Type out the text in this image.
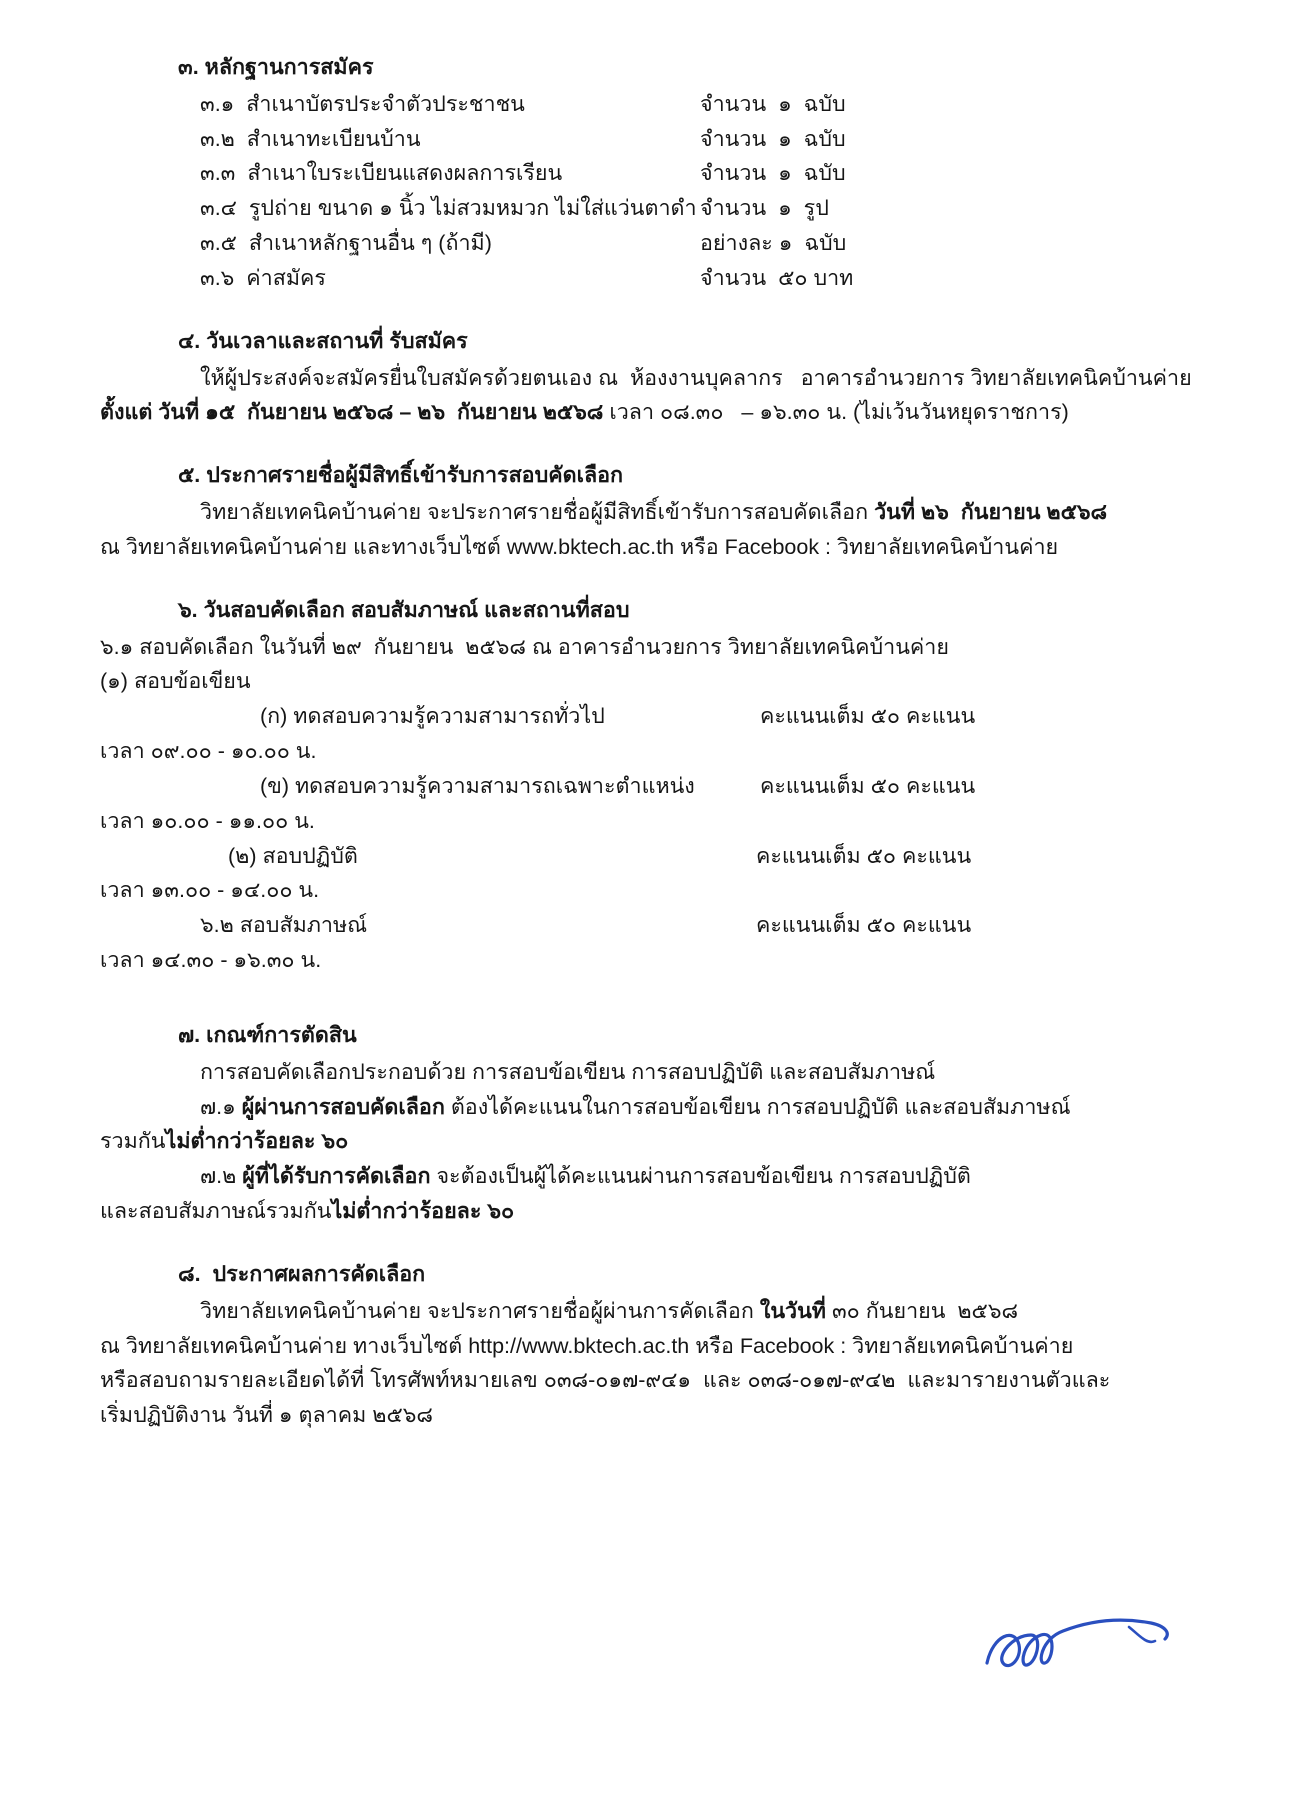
๓. หลักฐานการสมัคร
๓.๑  สำเนาบัตรประจำตัวประชาชน	จำนวน  ๑  ฉบับ
๓.๒  สำเนาทะเบียนบ้าน	จำนวน  ๑  ฉบับ
๓.๓  สำเนาใบระเบียนแสดงผลการเรียน	จำนวน  ๑  ฉบับ
๓.๔  รูปถ่าย ขนาด ๑ นิ้ว ไม่สวมหมวก ไม่ใส่แว่นตาดำ จำนวน  ๑  รูป
๓.๕  สำเนาหลักฐานอื่น ๆ (ถ้ามี)	อย่างละ ๑  ฉบับ
๓.๖  ค่าสมัคร	จำนวน  ๕๐ บาท
๔. วันเวลาและสถานที่ รับสมัคร

ให้ผู้ประสงค์จะสมัครยื่นใบสมัครด้วยตนเอง ณ  ห้องงานบุคลากร   อาคารอำนวยการ วิทยาลัยเทคนิคบ้านค่าย

ตั้งแต่ วันที่ ๑๕  กันยายน ๒๕๖๘ – ๒๖  กันยายน ๒๕๖๘ เวลา ๐๘.๓๐   – ๑๖.๓๐ น. (ไม่เว้นวันหยุดราชการ)

๕. ประกาศรายชื่อผู้มีสิทธิ์เข้ารับการสอบคัดเลือก

วิทยาลัยเทคนิคบ้านค่าย จะประกาศรายชื่อผู้มีสิทธิ์เข้ารับการสอบคัดเลือก วันที่ ๒๖  กันยายน ๒๕๖๘

ณ วิทยาลัยเทคนิคบ้านค่าย และทางเว็บไซต์ www.bktech.ac.th หรือ Facebook : วิทยาลัยเทคนิคบ้านค่าย

๖. วันสอบคัดเลือก สอบสัมภาษณ์ และสถานที่สอบ

๖.๑ สอบคัดเลือก ในวันที่ ๒๙  กันยายน  ๒๕๖๘ ณ อาคารอำนวยการ วิทยาลัยเทคนิคบ้านค่าย

(๑) สอบข้อเขียน

(ก) ทดสอบความรู้ความสามารถทั่วไป	คะแนนเต็ม ๕๐ คะแนน

เวลา ๐๙.๐๐ - ๑๐.๐๐ น.

(ข) ทดสอบความรู้ความสามารถเฉพาะตำแหน่ง	คะแนนเต็ม ๕๐ คะแนน

เวลา ๑๐.๐๐ - ๑๑.๐๐ น.

(๒) สอบปฏิบัติ	คะแนนเต็ม ๕๐ คะแนน

เวลา ๑๓.๐๐ - ๑๔.๐๐ น.

๖.๒ สอบสัมภาษณ์	คะแนนเต็ม ๕๐ คะแนน

เวลา ๑๔.๓๐ - ๑๖.๓๐ น.

๗. เกณฑ์การตัดสิน

การสอบคัดเลือกประกอบด้วย การสอบข้อเขียน การสอบปฏิบัติ และสอบสัมภาษณ์

๗.๑ ผู้ผ่านการสอบคัดเลือก ต้องได้คะแนนในการสอบข้อเขียน การสอบปฏิบัติ และสอบสัมภาษณ์

รวมกันไม่ต่ำกว่าร้อยละ ๖๐

๗.๒ ผู้ที่ได้รับการคัดเลือก จะต้องเป็นผู้ได้คะแนนผ่านการสอบข้อเขียน การสอบปฏิบัติ

และสอบสัมภาษณ์รวมกันไม่ต่ำกว่าร้อยละ ๖๐

๘.  ประกาศผลการคัดเลือก

วิทยาลัยเทคนิคบ้านค่าย จะประกาศรายชื่อผู้ผ่านการคัดเลือก ในวันที่ ๓๐ กันยายน  ๒๕๖๘

ณ วิทยาลัยเทคนิคบ้านค่าย ทางเว็บไซต์ http://www.bktech.ac.th หรือ Facebook : วิทยาลัยเทคนิคบ้านค่าย

หรือสอบถามรายละเอียดได้ที่ โทรศัพท์หมายเลข ๐๓๘-๐๑๗-๙๔๑  และ ๐๓๘-๐๑๗-๙๔๒  และมารายงานตัวและ

เริ่มปฏิบัติงาน วันที่ ๑ ตุลาคม ๒๕๖๘
